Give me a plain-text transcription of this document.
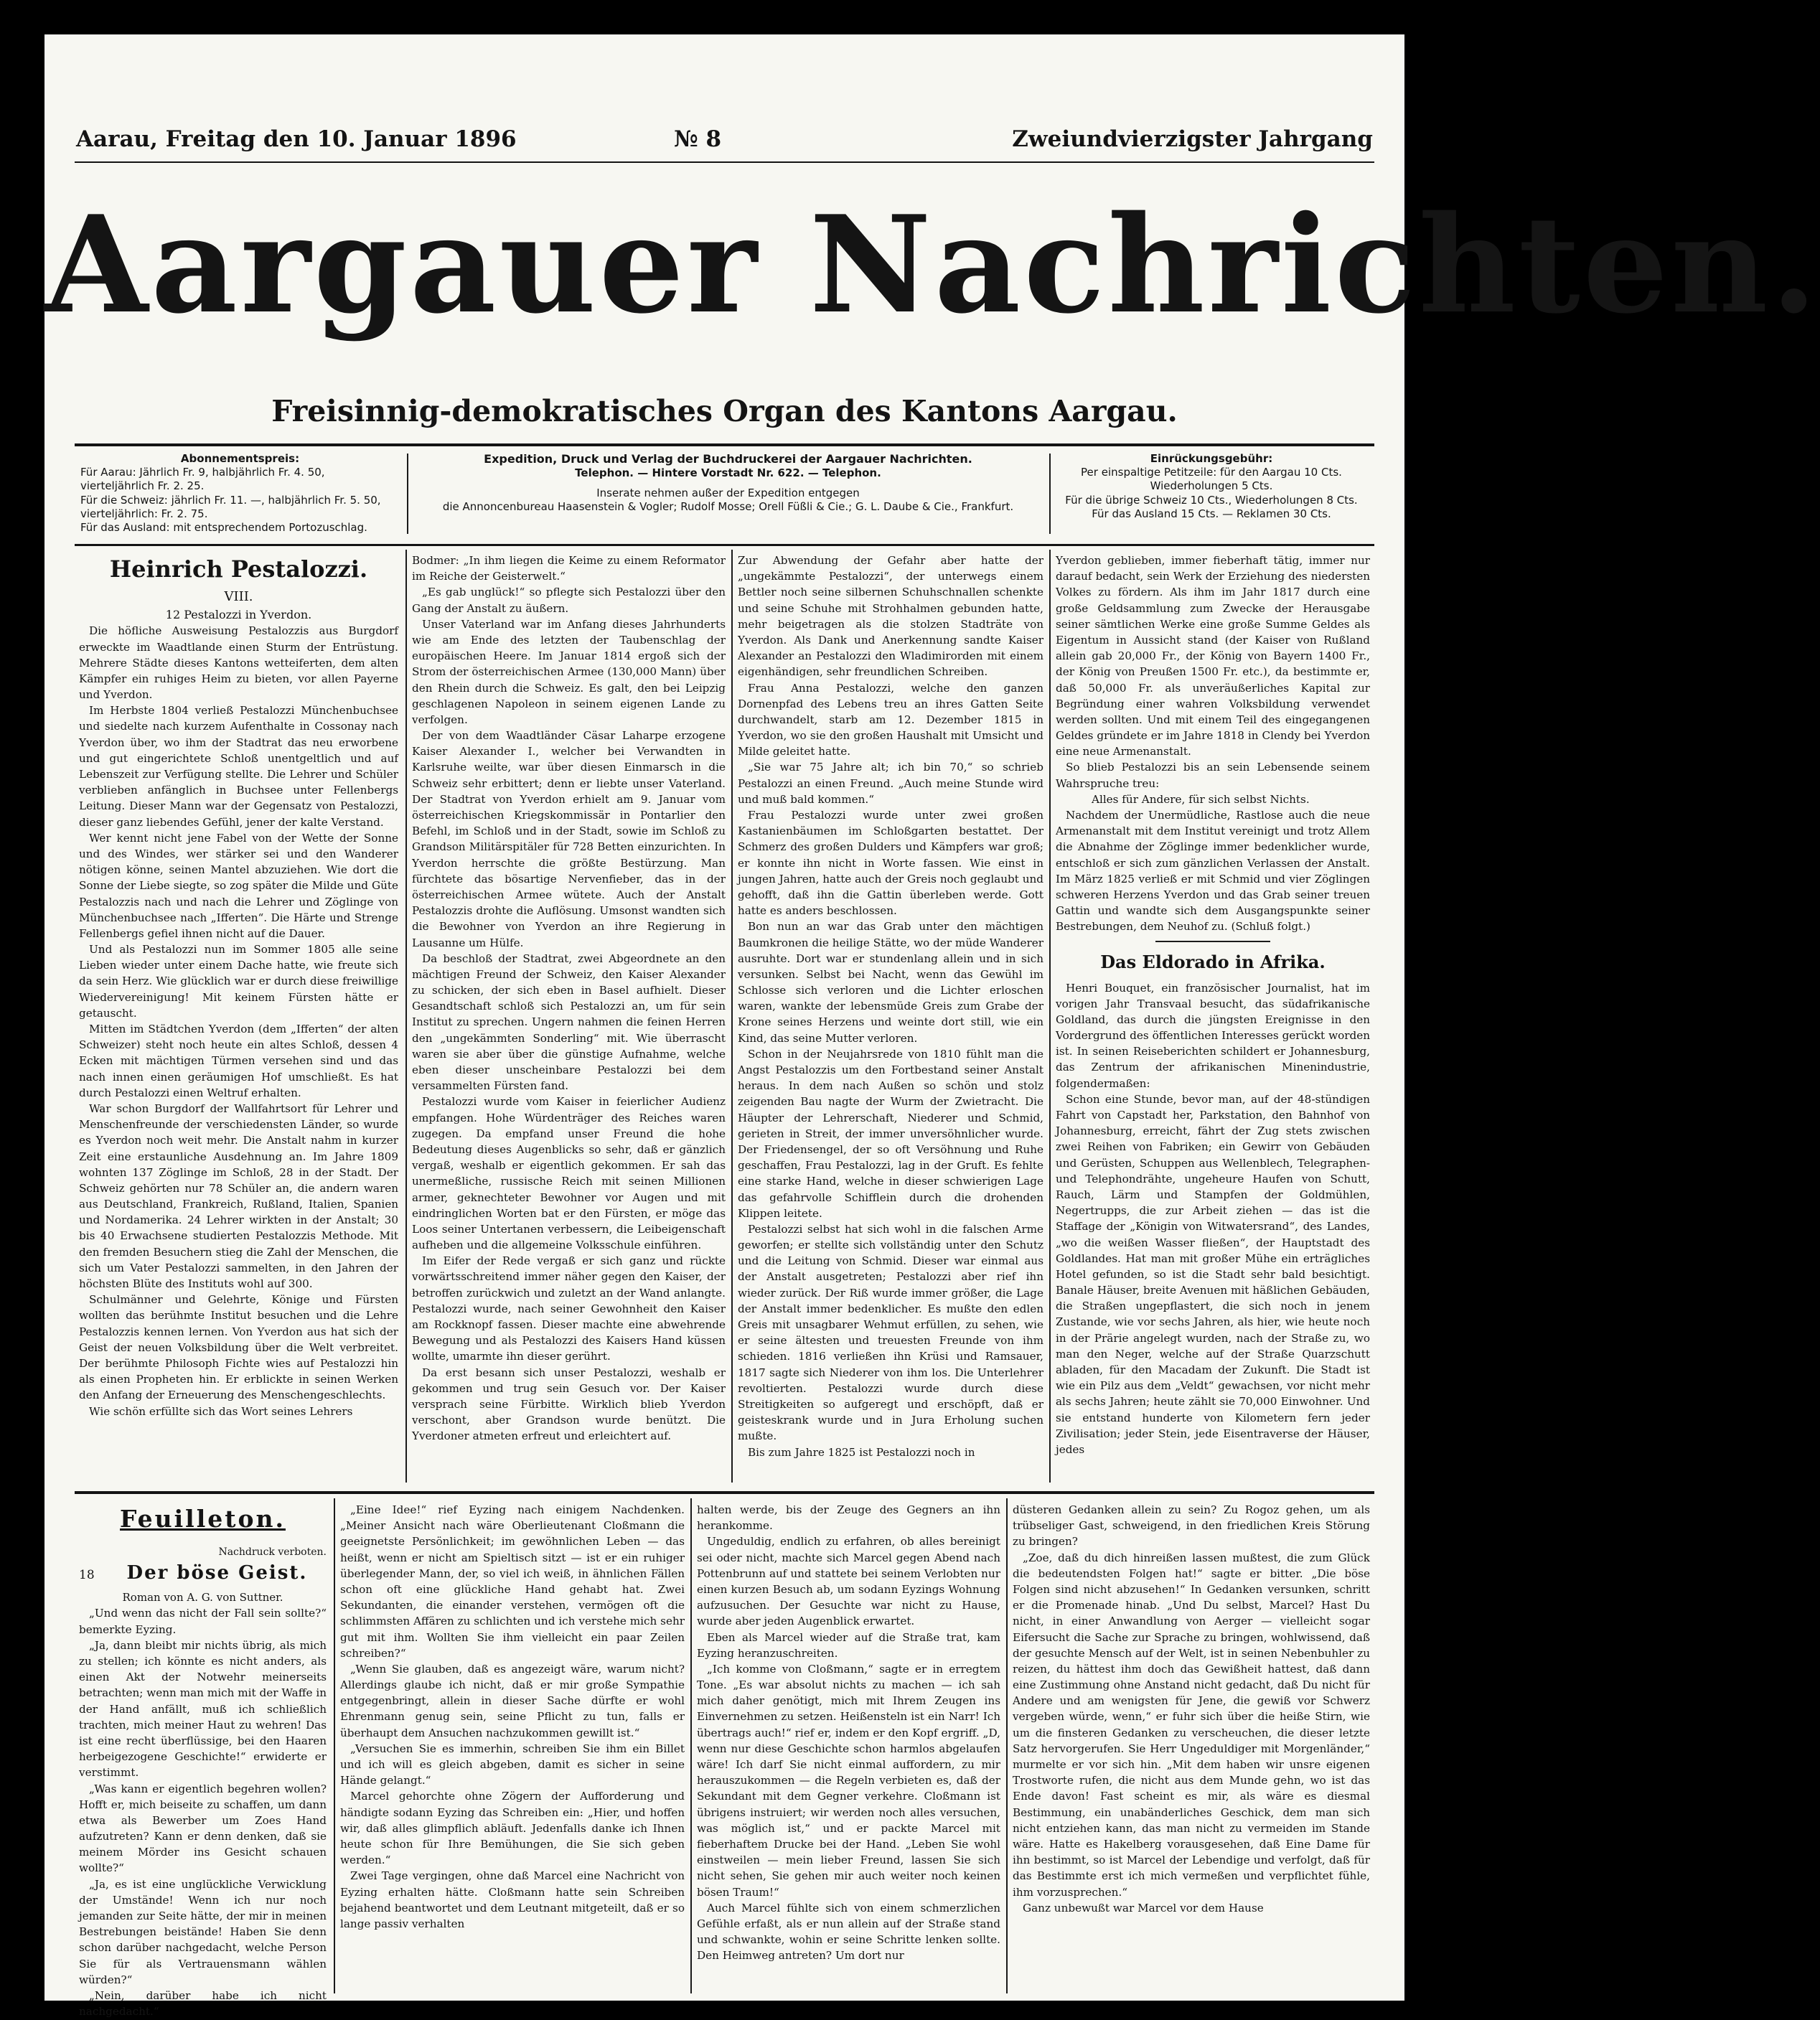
Aarau, Freitag den 10. Januar 1896	№ 8	Zweiundvierzigster Jahrgang
Aargauer Nachrichten.
Freisinnig-demokratisches Organ des Kantons Aargau.

Abonnementspreis:

Für Aarau: Jährlich Fr. 9, halbjährlich Fr. 4. 50, vierteljährlich Fr. 2. 25.

Für die Schweiz: jährlich Fr. 11. —, halbjährlich Fr. 5. 50, vierteljährlich: Fr. 2. 75.

Für das Ausland: mit entsprechendem Portozuschlag.

Expedition, Druck und Verlag der Buchdruckerei der Aargauer Nachrichten.

Telephon. — Hintere Vorstadt Nr. 622. — Telephon.

Inserate nehmen außer der Expedition entgegen

die Annoncenbureau Haasenstein & Vogler; Rudolf Mosse; Orell Füßli & Cie.; G. L. Daube & Cie., Frankfurt.

Einrückungsgebühr:

Per einspaltige Petitzeile: für den Aargau 10 Cts. Wiederholungen 5 Cts.

Für die übrige Schweiz 10 Cts., Wiederholungen 8 Cts.

Für das Ausland 15 Cts. — Reklamen 30 Cts.

Heinrich Pestalozzi.

VIII.

12 Pestalozzi in Yverdon.

Die höfliche Ausweisung Pestalozzis aus Burgdorf erweckte im Waadtlande einen Sturm der Entrüstung. Mehrere Städte dieses Kantons wetteiferten, dem alten Kämpfer ein ruhiges Heim zu bieten, vor allen Payerne und Yverdon.

Im Herbste 1804 verließ Pestalozzi Münchenbuchsee und siedelte nach kurzem Aufenthalte in Cossonay nach Yverdon über, wo ihm der Stadtrat das neu erworbene und gut eingerichtete Schloß unentgeltlich und auf Lebenszeit zur Verfügung stellte. Die Lehrer und Schüler verblieben anfänglich in Buchsee unter Fellenbergs Leitung. Dieser Mann war der Gegensatz von Pestalozzi, dieser ganz liebendes Gefühl, jener der kalte Verstand.

Wer kennt nicht jene Fabel von der Wette der Sonne und des Windes, wer stärker sei und den Wanderer nötigen könne, seinen Mantel abzuziehen. Wie dort die Sonne der Liebe siegte, so zog später die Milde und Güte Pestalozzis nach und nach die Lehrer und Zöglinge von Münchenbuchsee nach „Ifferten“. Die Härte und Strenge Fellenbergs gefiel ihnen nicht auf die Dauer.

Und als Pestalozzi nun im Sommer 1805 alle seine Lieben wieder unter einem Dache hatte, wie freute sich da sein Herz. Wie glücklich war er durch diese freiwillige Wiedervereinigung! Mit keinem Fürsten hätte er getauscht.

Mitten im Städtchen Yverdon (dem „Ifferten“ der alten Schweizer) steht noch heute ein altes Schloß, dessen 4 Ecken mit mächtigen Türmen versehen sind und das nach innen einen geräumigen Hof umschließt. Es hat durch Pestalozzi einen Weltruf erhalten.

War schon Burgdorf der Wallfahrtsort für Lehrer und Menschenfreunde der verschiedensten Länder, so wurde es Yverdon noch weit mehr. Die Anstalt nahm in kurzer Zeit eine erstaunliche Ausdehnung an. Im Jahre 1809 wohnten 137 Zöglinge im Schloß, 28 in der Stadt. Der Schweiz gehörten nur 78 Schüler an, die andern waren aus Deutschland, Frankreich, Rußland, Italien, Spanien und Nordamerika. 24 Lehrer wirkten in der Anstalt; 30 bis 40 Erwachsene studierten Pestalozzis Methode. Mit den fremden Besuchern stieg die Zahl der Menschen, die sich um Vater Pestalozzi sammelten, in den Jahren der höchsten Blüte des Instituts wohl auf 300.

Schulmänner und Gelehrte, Könige und Fürsten wollten das berühmte Institut besuchen und die Lehre Pestalozzis kennen lernen. Von Yverdon aus hat sich der Geist der neuen Volksbildung über die Welt verbreitet. Der berühmte Philosoph Fichte wies auf Pestalozzi hin als einen Propheten hin. Er erblickte in seinen Werken den Anfang der Erneuerung des Menschengeschlechts.

Wie schön erfüllte sich das Wort seines Lehrers

Bodmer: „In ihm liegen die Keime zu einem Reformator im Reiche der Geisterwelt.“

„Es gab unglück!“ so pflegte sich Pestalozzi über den Gang der Anstalt zu äußern.

Unser Vaterland war im Anfang dieses Jahrhunderts wie am Ende des letzten der Taubenschlag der europäischen Heere. Im Januar 1814 ergoß sich der Strom der österreichischen Armee (130,000 Mann) über den Rhein durch die Schweiz. Es galt, den bei Leipzig geschlagenen Napoleon in seinem eigenen Lande zu verfolgen.

Der von dem Waadtländer Cäsar Laharpe erzogene Kaiser Alexander I., welcher bei Verwandten in Karlsruhe weilte, war über diesen Einmarsch in die Schweiz sehr erbittert; denn er liebte unser Vaterland. Der Stadtrat von Yverdon erhielt am 9. Januar vom österreichischen Kriegskommissär in Pontarlier den Befehl, im Schloß und in der Stadt, sowie im Schloß zu Grandson Militärspitäler für 728 Betten einzurichten. In Yverdon herrschte die größte Bestürzung. Man fürchtete das bösartige Nervenfieber, das in der österreichischen Armee wütete. Auch der Anstalt Pestalozzis drohte die Auflösung. Umsonst wandten sich die Bewohner von Yverdon an ihre Regierung in Lausanne um Hülfe.

Da beschloß der Stadtrat, zwei Abgeordnete an den mächtigen Freund der Schweiz, den Kaiser Alexander zu schicken, der sich eben in Basel aufhielt. Dieser Gesandtschaft schloß sich Pestalozzi an, um für sein Institut zu sprechen. Ungern nahmen die feinen Herren den „ungekämmten Sonderling“ mit. Wie überrascht waren sie aber über die günstige Aufnahme, welche eben dieser unscheinbare Pestalozzi bei dem versammelten Fürsten fand.

Pestalozzi wurde vom Kaiser in feierlicher Audienz empfangen. Hohe Würdenträger des Reiches waren zugegen. Da empfand unser Freund die hohe Bedeutung dieses Augenblicks so sehr, daß er gänzlich vergaß, weshalb er eigentlich gekommen. Er sah das unermeßliche, russische Reich mit seinen Millionen armer, geknechteter Bewohner vor Augen und mit eindringlichen Worten bat er den Fürsten, er möge das Loos seiner Untertanen verbessern, die Leibeigenschaft aufheben und die allgemeine Volksschule einführen.

Im Eifer der Rede vergaß er sich ganz und rückte vorwärtsschreitend immer näher gegen den Kaiser, der betroffen zurückwich und zuletzt an der Wand anlangte. Pestalozzi wurde, nach seiner Gewohnheit den Kaiser am Rockknopf fassen. Dieser machte eine abwehrende Bewegung und als Pestalozzi des Kaisers Hand küssen wollte, umarmte ihn dieser gerührt.

Da erst besann sich unser Pestalozzi, weshalb er gekommen und trug sein Gesuch vor. Der Kaiser versprach seine Fürbitte. Wirklich blieb Yverdon verschont, aber Grandson wurde benützt. Die Yverdoner atmeten erfreut und erleichtert auf.

Zur Abwendung der Gefahr aber hatte der „ungekämmte Pestalozzi“, der unterwegs einem Bettler noch seine silbernen Schuhschnallen schenkte und seine Schuhe mit Strohhalmen gebunden hatte, mehr beigetragen als die stolzen Stadträte von Yverdon. Als Dank und Anerkennung sandte Kaiser Alexander an Pestalozzi den Wladimirorden mit einem eigenhändigen, sehr freundlichen Schreiben.

Frau Anna Pestalozzi, welche den ganzen Dornenpfad des Lebens treu an ihres Gatten Seite durchwandelt, starb am 12. Dezember 1815 in Yverdon, wo sie den großen Haushalt mit Umsicht und Milde geleitet hatte.

„Sie war 75 Jahre alt; ich bin 70,“ so schrieb Pestalozzi an einen Freund. „Auch meine Stunde wird und muß bald kommen.“

Frau Pestalozzi wurde unter zwei großen Kastanienbäumen im Schloßgarten bestattet. Der Schmerz des großen Dulders und Kämpfers war groß; er konnte ihn nicht in Worte fassen. Wie einst in jungen Jahren, hatte auch der Greis noch geglaubt und gehofft, daß ihn die Gattin überleben werde. Gott hatte es anders beschlossen.

Bon nun an war das Grab unter den mächtigen Baumkronen die heilige Stätte, wo der müde Wanderer ausruhte. Dort war er stundenlang allein und in sich versunken. Selbst bei Nacht, wenn das Gewühl im Schlosse sich verloren und die Lichter erloschen waren, wankte der lebensmüde Greis zum Grabe der Krone seines Herzens und weinte dort still, wie ein Kind, das seine Mutter verloren.

Schon in der Neujahrsrede von 1810 fühlt man die Angst Pestalozzis um den Fortbestand seiner Anstalt heraus. In dem nach Außen so schön und stolz zeigenden Bau nagte der Wurm der Zwietracht. Die Häupter der Lehrerschaft, Niederer und Schmid, gerieten in Streit, der immer unversöhnlicher wurde. Der Friedensengel, der so oft Versöhnung und Ruhe geschaffen, Frau Pestalozzi, lag in der Gruft. Es fehlte eine starke Hand, welche in dieser schwierigen Lage das gefahrvolle Schifflein durch die drohenden Klippen leitete.

Pestalozzi selbst hat sich wohl in die falschen Arme geworfen; er stellte sich vollständig unter den Schutz und die Leitung von Schmid. Dieser war einmal aus der Anstalt ausgetreten; Pestalozzi aber rief ihn wieder zurück. Der Riß wurde immer größer, die Lage der Anstalt immer bedenklicher. Es mußte den edlen Greis mit unsagbarer Wehmut erfüllen, zu sehen, wie er seine ältesten und treuesten Freunde von ihm schieden. 1816 verließen ihn Krüsi und Ramsauer, 1817 sagte sich Niederer von ihm los. Die Unterlehrer revoltierten. Pestalozzi wurde durch diese Streitigkeiten so aufgeregt und erschöpft, daß er geisteskrank wurde und in Jura Erholung suchen mußte.

Bis zum Jahre 1825 ist Pestalozzi noch in

Yverdon geblieben, immer fieberhaft tätig, immer nur darauf bedacht, sein Werk der Erziehung des niedersten Volkes zu fördern. Als ihm im Jahr 1817 durch eine große Geldsammlung zum Zwecke der Herausgabe seiner sämtlichen Werke eine große Summe Geldes als Eigentum in Aussicht stand (der Kaiser von Rußland allein gab 20,000 Fr., der König von Bayern 1400 Fr., der König von Preußen 1500 Fr. etc.), da bestimmte er, daß 50,000 Fr. als unveräußerliches Kapital zur Begründung einer wahren Volksbildung verwendet werden sollten. Und mit einem Teil des eingegangenen Geldes gründete er im Jahre 1818 in Clendy bei Yverdon eine neue Armenanstalt.

So blieb Pestalozzi bis an sein Lebensende seinem Wahrspruche treu:

Alles für Andere, für sich selbst Nichts.

Nachdem der Unermüdliche, Rastlose auch die neue Armenanstalt mit dem Institut vereinigt und trotz Allem die Abnahme der Zöglinge immer bedenklicher wurde, entschloß er sich zum gänzlichen Verlassen der Anstalt. Im März 1825 verließ er mit Schmid und vier Zöglingen schweren Herzens Yverdon und das Grab seiner treuen Gattin und wandte sich dem Ausgangspunkte seiner Bestrebungen, dem Neuhof zu. (Schluß folgt.)

Das Eldorado in Afrika.

Henri Bouquet, ein französischer Journalist, hat im vorigen Jahr Transvaal besucht, das südafrikanische Goldland, das durch die jüngsten Ereignisse in den Vordergrund des öffentlichen Interesses gerückt worden ist. In seinen Reiseberichten schildert er Johannesburg, das Zentrum der afrikanischen Minenindustrie, folgendermaßen:

Schon eine Stunde, bevor man, auf der 48-stündigen Fahrt von Capstadt her, Parkstation, den Bahnhof von Johannesburg, erreicht, fährt der Zug stets zwischen zwei Reihen von Fabriken; ein Gewirr von Gebäuden und Gerüsten, Schuppen aus Wellenblech, Telegraphen- und Telephondrähte, ungeheure Haufen von Schutt, Rauch, Lärm und Stampfen der Goldmühlen, Negertrupps, die zur Arbeit ziehen — das ist die Staffage der „Königin von Witwatersrand“, des Landes, „wo die weißen Wasser fließen“, der Hauptstadt des Goldlandes. Hat man mit großer Mühe ein erträgliches Hotel gefunden, so ist die Stadt sehr bald besichtigt. Banale Häuser, breite Avenuen mit häßlichen Gebäuden, die Straßen ungepflastert, die sich noch in jenem Zustande, wie vor sechs Jahren, als hier, wie heute noch in der Prärie angelegt wurden, nach der Straße zu, wo man den Neger, welche auf der Straße Quarzschutt abladen, für den Macadam der Zukunft. Die Stadt ist wie ein Pilz aus dem „Veldt“ gewachsen, vor nicht mehr als sechs Jahren; heute zählt sie 70,000 Einwohner. Und sie entstand hunderte von Kilometern fern jeder Zivilisation; jeder Stein, jede Eisentraverse der Häuser, jedes

Feuilleton.

Nachdruck verboten.

18	Der böse Geist.

Roman von A. G. von Suttner.

„Und wenn das nicht der Fall sein sollte?“ bemerkte Eyzing.

„Ja, dann bleibt mir nichts übrig, als mich zu stellen; ich könnte es nicht anders, als einen Akt der Notwehr meinerseits betrachten; wenn man mich mit der Waffe in der Hand anfällt, muß ich schließlich trachten, mich meiner Haut zu wehren! Das ist eine recht überflüssige, bei den Haaren herbeigezogene Geschichte!“ erwiderte er verstimmt.

„Was kann er eigentlich begehren wollen? Hofft er, mich beiseite zu schaffen, um dann etwa als Bewerber um Zoes Hand aufzutreten? Kann er denn denken, daß sie meinem Mörder ins Gesicht schauen wollte?“

„Ja, es ist eine unglückliche Verwicklung der Umstände! Wenn ich nur noch jemanden zur Seite hätte, der mir in meinen Bestrebungen beistände! Haben Sie denn schon darüber nachgedacht, welche Person Sie für als Vertrauensmann wählen würden?“

„Nein, darüber habe ich nicht nachgedacht.“

„Eine Idee!“ rief Eyzing nach einigem Nachdenken. „Meiner Ansicht nach wäre Oberlieutenant Cloßmann die geeignetste Persönlichkeit; im gewöhnlichen Leben — das heißt, wenn er nicht am Spieltisch sitzt — ist er ein ruhiger überlegender Mann, der, so viel ich weiß, in ähnlichen Fällen schon oft eine glückliche Hand gehabt hat. Zwei Sekundanten, die einander verstehen, vermögen oft die schlimmsten Affären zu schlichten und ich verstehe mich sehr gut mit ihm. Wollten Sie ihm vielleicht ein paar Zeilen schreiben?“

„Wenn Sie glauben, daß es angezeigt wäre, warum nicht? Allerdings glaube ich nicht, daß er mir große Sympathie entgegenbringt, allein in dieser Sache dürfte er wohl Ehrenmann genug sein, seine Pflicht zu tun, falls er überhaupt dem Ansuchen nachzukommen gewillt ist.“

„Versuchen Sie es immerhin, schreiben Sie ihm ein Billet und ich will es gleich abgeben, damit es sicher in seine Hände gelangt.“

Marcel gehorchte ohne Zögern der Aufforderung und händigte sodann Eyzing das Schreiben ein: „Hier, und hoffen wir, daß alles glimpflich abläuft. Jedenfalls danke ich Ihnen heute schon für Ihre Bemühungen, die Sie sich geben werden.“

Zwei Tage vergingen, ohne daß Marcel eine Nachricht von Eyzing erhalten hätte. Cloßmann hatte sein Schreiben bejahend beantwortet und dem Leutnant mitgeteilt, daß er so lange passiv verhalten

halten werde, bis der Zeuge des Gegners an ihn herankomme.

Ungeduldig, endlich zu erfahren, ob alles bereinigt sei oder nicht, machte sich Marcel gegen Abend nach Pottenbrunn auf und stattete bei seinem Verlobten nur einen kurzen Besuch ab, um sodann Eyzings Wohnung aufzusuchen. Der Gesuchte war nicht zu Hause, wurde aber jeden Augenblick erwartet.

Eben als Marcel wieder auf die Straße trat, kam Eyzing heranzuschreiten.

„Ich komme von Cloßmann,“ sagte er in erregtem Tone. „Es war absolut nichts zu machen — ich sah mich daher genötigt, mich mit Ihrem Zeugen ins Einvernehmen zu setzen. Heißensteln ist ein Narr! Ich übertrags auch!“ rief er, indem er den Kopf ergriff. „D, wenn nur diese Geschichte schon harmlos abgelaufen wäre! Ich darf Sie nicht einmal auffordern, zu mir herauszukommen — die Regeln verbieten es, daß der Sekundant mit dem Gegner verkehre. Cloßmann ist übrigens instruiert; wir werden noch alles versuchen, was möglich ist,“ und er packte Marcel mit fieberhaftem Drucke bei der Hand. „Leben Sie wohl einstweilen — mein lieber Freund, lassen Sie sich nicht sehen, Sie gehen mir auch weiter noch keinen bösen Traum!“

Auch Marcel fühlte sich von einem schmerzlichen Gefühle erfaßt, als er nun allein auf der Straße stand und schwankte, wohin er seine Schritte lenken sollte. Den Heimweg antreten? Um dort nur

düsteren Gedanken allein zu sein? Zu Rogoz gehen, um als trübseliger Gast, schweigend, in den friedlichen Kreis Störung zu bringen?

„Zoe, daß du dich hinreißen lassen mußtest, die zum Glück die bedeutendsten Folgen hat!“ sagte er bitter. „Die böse Folgen sind nicht abzusehen!“ In Gedanken versunken, schritt er die Promenade hinab. „Und Du selbst, Marcel? Hast Du nicht, in einer Anwandlung von Aerger — vielleicht sogar Eifersucht die Sache zur Sprache zu bringen, wohlwissend, daß der gesuchte Mensch auf der Welt, ist in seinen Nebenbuhler zu reizen, du hättest ihm doch das Gewißheit hattest, daß dann eine Zustimmung ohne Anstand nicht gedacht, daß Du nicht für Andere und am wenigsten für Jene, die gewiß vor Schwerz vergeben würde, wenn,“ er fuhr sich über die heiße Stirn, wie um die finsteren Gedanken zu verscheuchen, die dieser letzte Satz hervorgerufen. Sie Herr Ungeduldiger mit Morgenländer,“ murmelte er vor sich hin. „Mit dem haben wir unsre eigenen Trostworte rufen, die nicht aus dem Munde gehn, wo ist das Ende davon! Fast scheint es mir, als wäre es diesmal Bestimmung, ein unabänderliches Geschick, dem man sich nicht entziehen kann, das man nicht zu vermeiden im Stande wäre. Hatte es Hakelberg vorausgesehen, daß Eine Dame für ihn bestimmt, so ist Marcel der Lebendige und verfolgt, daß für das Bestimmte erst ich mich vermeßen und verpflichtet fühle, ihm vorzusprechen.“

Ganz unbewußt war Marcel vor dem Hause
